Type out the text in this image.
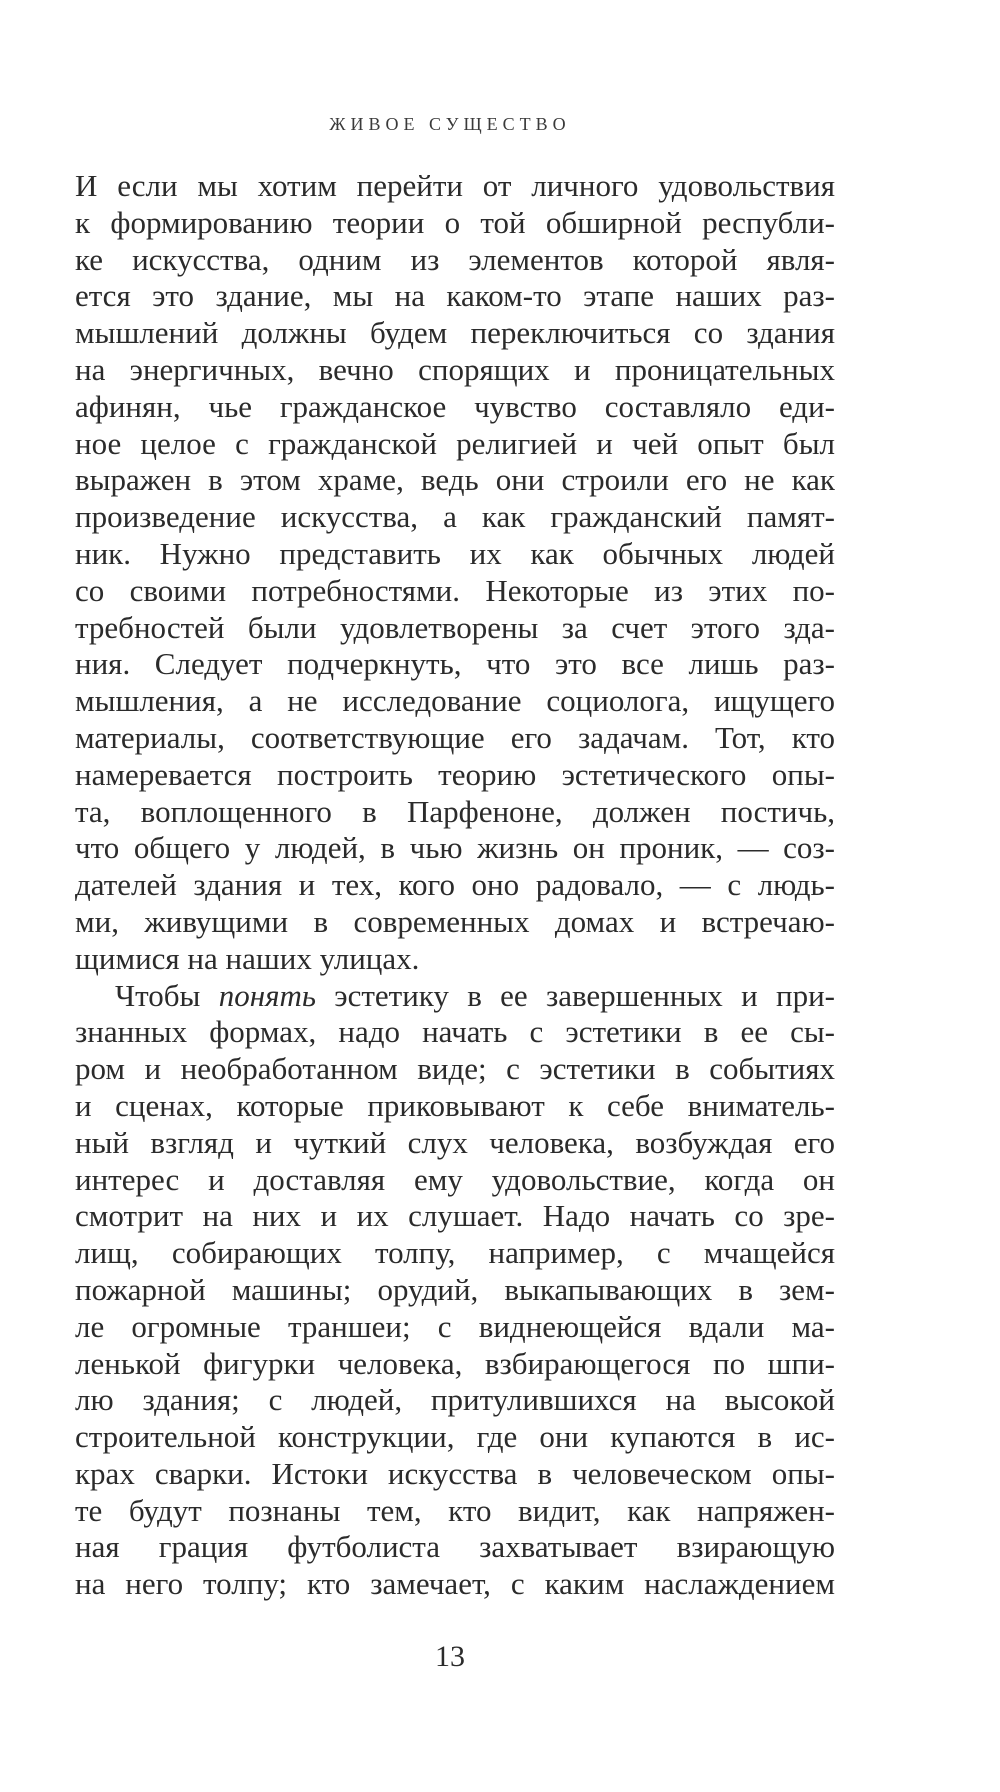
ЖИВОЕ СУЩЕСТВО
И если мы хотим перейти от личного удовольствия
к формированию теории о той обширной республи-
ке искусства, одним из элементов которой явля-
ется это здание, мы на каком-то этапе наших раз-
мышлений должны будем переключиться со здания
на энергичных, вечно спорящих и проницательных
афинян, чье гражданское чувство составляло еди-
ное целое с гражданской религией и чей опыт был
выражен в этом храме, ведь они строили его не как
произведение искусства, а как гражданский памят-
ник. Нужно представить их как обычных людей
со своими потребностями. Некоторые из этих по-
требностей были удовлетворены за счет этого зда-
ния. Следует подчеркнуть, что это все лишь раз-
мышления, а не исследование социолога, ищущего
материалы, соответствующие его задачам. Тот, кто
намеревается построить теорию эстетического опы-
та, воплощенного в Парфеноне, должен постичь,
что общего у людей, в чью жизнь он проник, — соз-
дателей здания и тех, кого оно радовало, — с людь-
ми, живущими в современных домах и встречаю-
щимися на наших улицах.
Чтобы понять эстетику в ее завершенных и при-
знанных формах, надо начать с эстетики в ее сы-
ром и необработанном виде; с эстетики в событиях
и сценах, которые приковывают к себе вниматель-
ный взгляд и чуткий слух человека, возбуждая его
интерес и доставляя ему удовольствие, когда он
смотрит на них и их слушает. Надо начать со зре-
лищ, собирающих толпу, например, с мчащейся
пожарной машины; орудий, выкапывающих в зем-
ле огромные траншеи; с виднеющейся вдали ма-
ленькой фигурки человека, взбирающегося по шпи-
лю здания; с людей, притулившихся на высокой
строительной конструкции, где они купаются в ис-
крах сварки. Истоки искусства в человеческом опы-
те будут познаны тем, кто видит, как напряжен-
ная грация футболиста захватывает взирающую
на него толпу; кто замечает, с каким наслаждением
13
